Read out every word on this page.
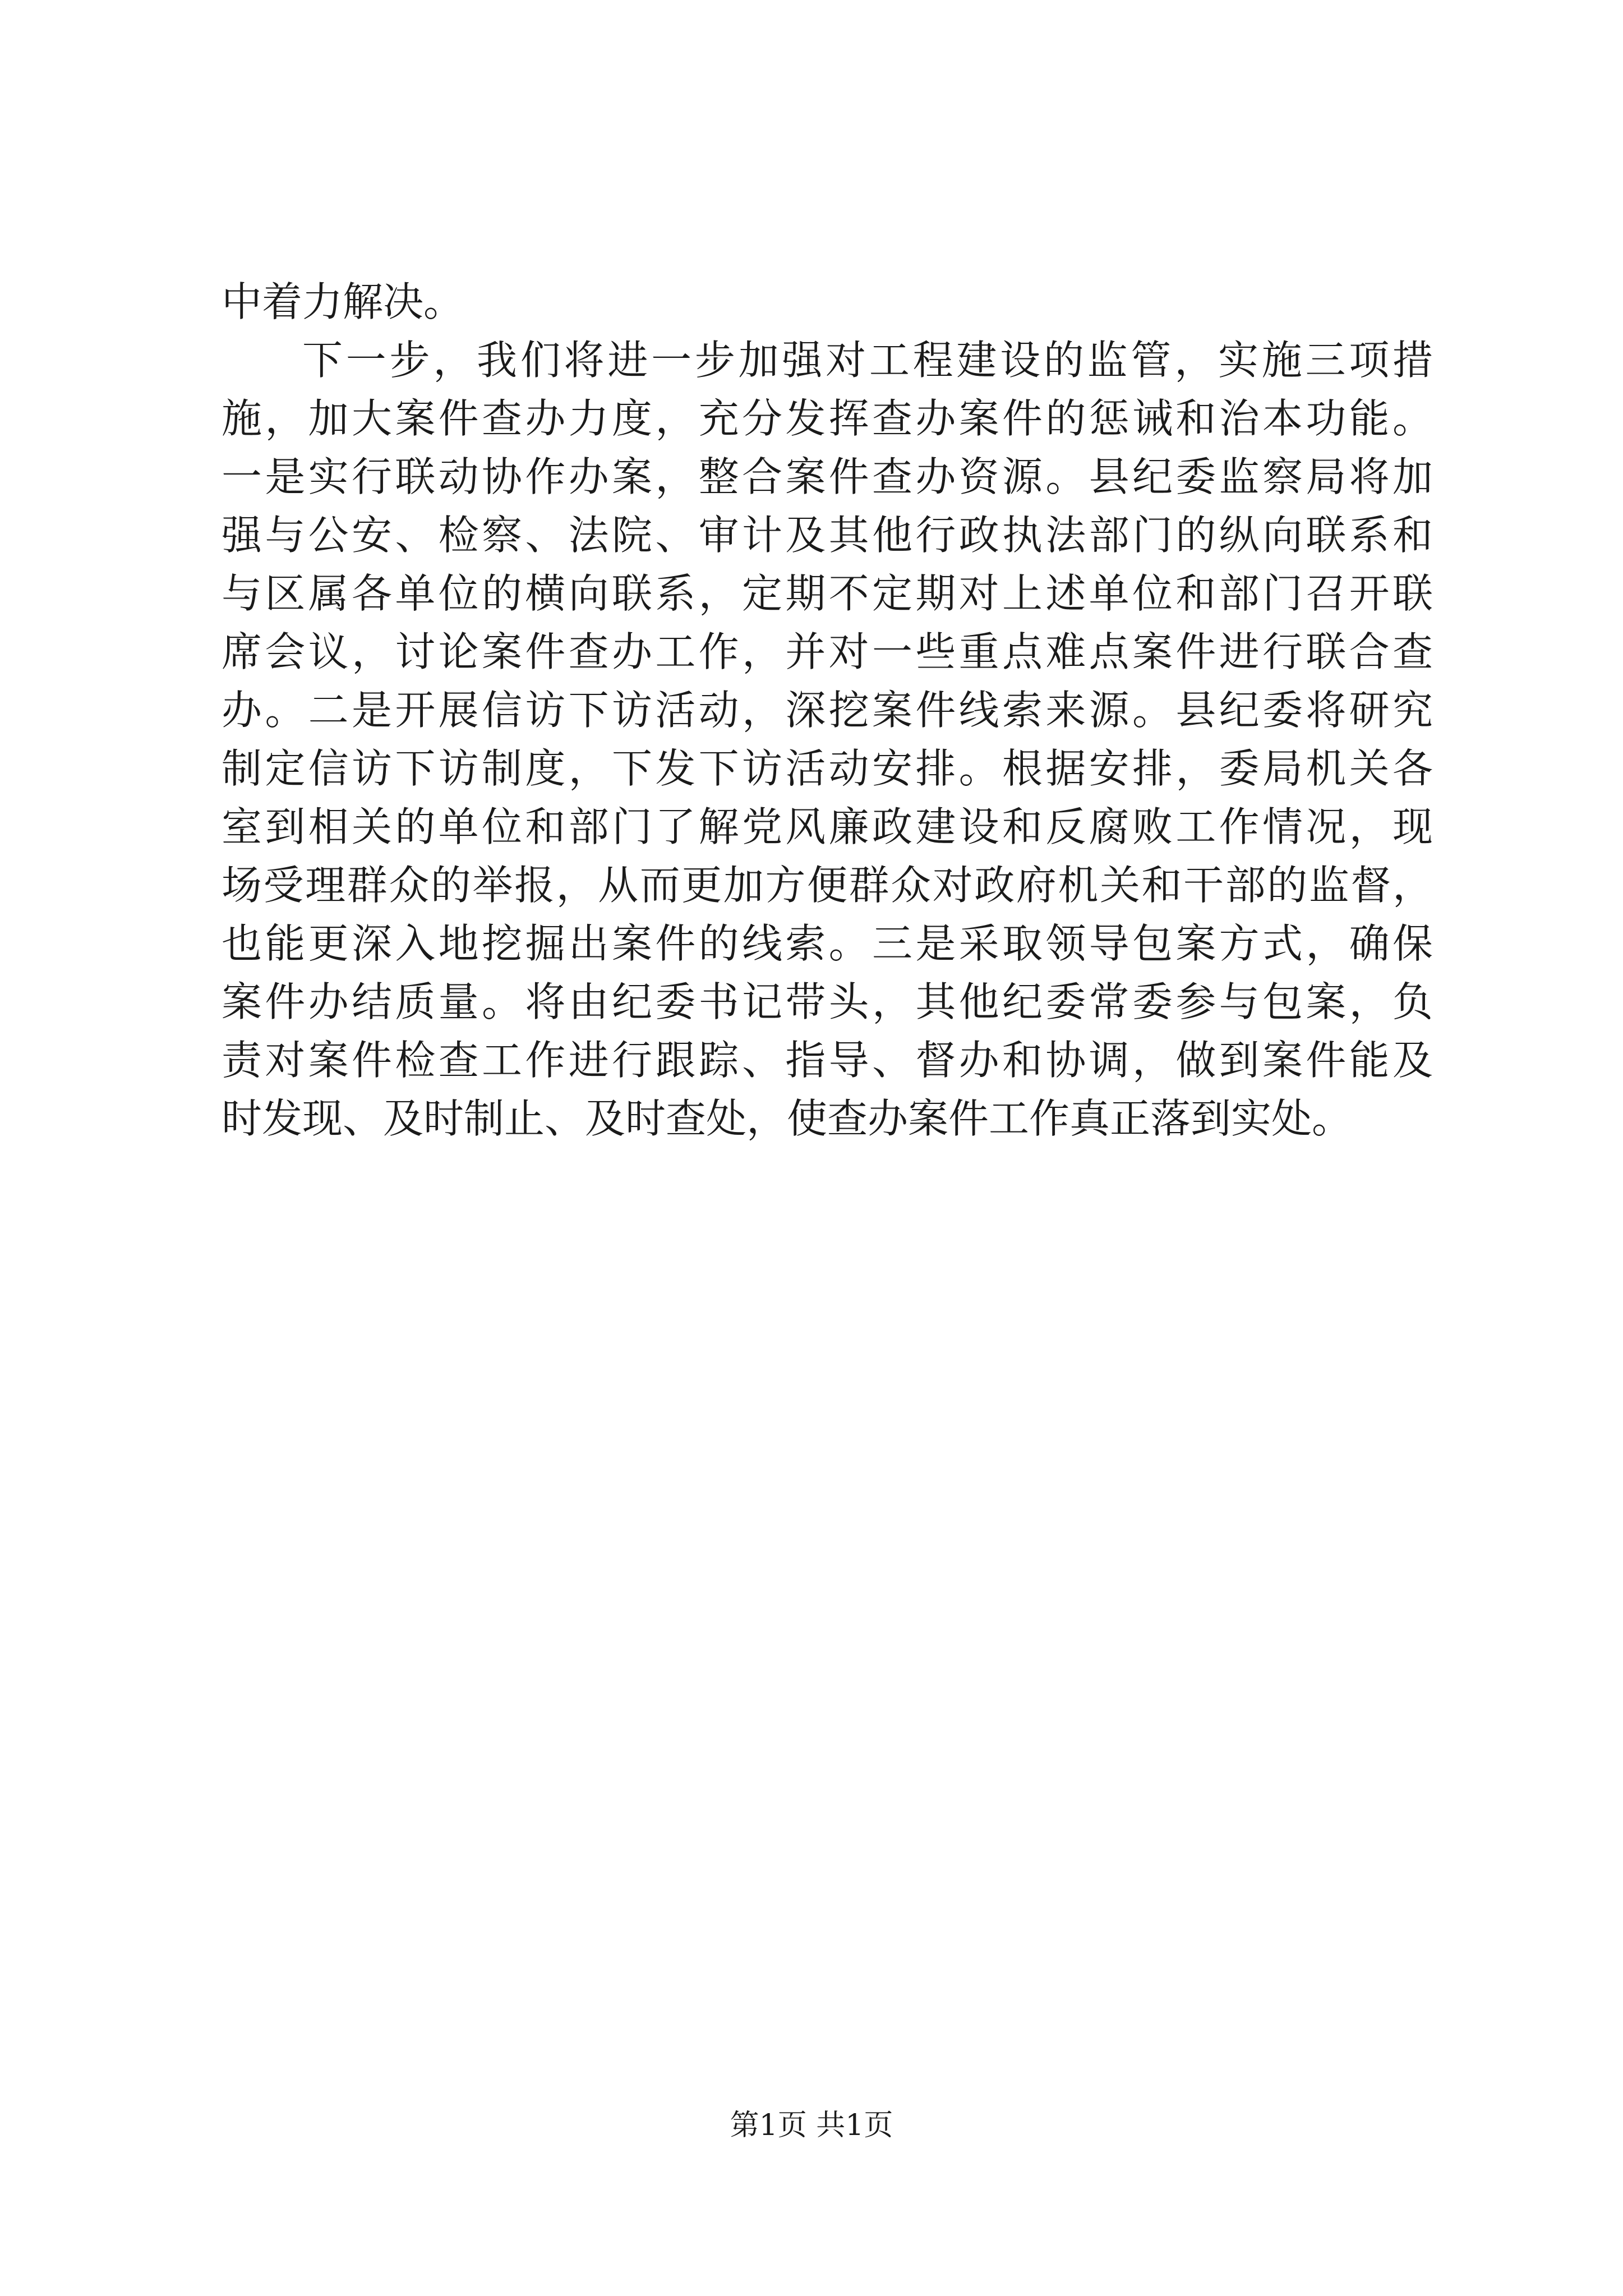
中着力解决。
下一步，我们将进一步加强对工程建设的监管，实施三项措
施，加大案件查办力度，充分发挥查办案件的惩诫和治本功能。
一是实行联动协作办案，整合案件查办资源。县纪委监察局将加
强与公安、检察、法院、审计及其他行政执法部门的纵向联系和
与区属各单位的横向联系，定期不定期对上述单位和部门召开联
席会议，讨论案件查办工作，并对一些重点难点案件进行联合查
办。二是开展信访下访活动，深挖案件线索来源。县纪委将研究
制定信访下访制度，下发下访活动安排。根据安排，委局机关各
室到相关的单位和部门了解党风廉政建设和反腐败工作情况，现
场受理群众的举报，从而更加方便群众对政府机关和干部的监督，
也能更深入地挖掘出案件的线索。三是采取领导包案方式，确保
案件办结质量。将由纪委书记带头，其他纪委常委参与包案，负
责对案件检查工作进行跟踪、指导、督办和协调，做到案件能及
时发现、及时制止、及时查处，使查办案件工作真正落到实处。
第1页 共1页
